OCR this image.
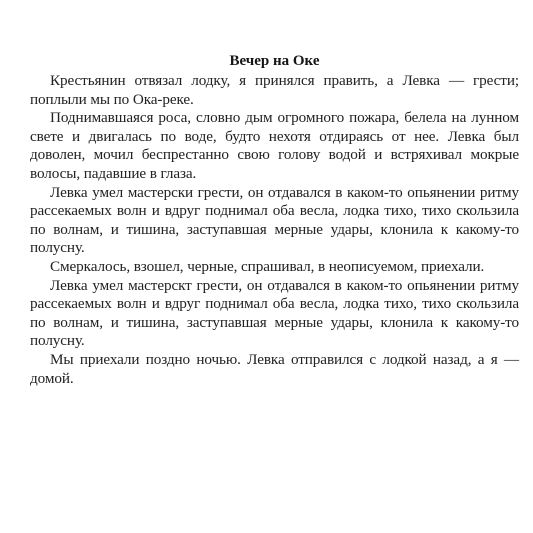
Вечер на Оке

Крестьянин отвязал лодку, я принялся править, а Левка — грести; поплыли мы по Ока-реке.

Поднимавшаяся роса, словно дым огромного пожара, белела на лунном свете и двигалась по воде, будто нехотя отдираясь от нее. Левка был доволен, мочил беспрестанно свою голову водой и встряхивал мокрые волосы, падавшие в глаза.

Левка умел мастерски грести, он отдавался в каком-то опьянении ритму рассекаемых волн и вдруг поднимал оба весла, лодка тихо, тихо скользила по волнам, и тишина, заступавшая мерные удары, клонила к какому-то полусну.

Смеркалось, взошел, черные, спрашивал, в неописуемом, приехали.

Левка умел мастерскт грести, он отдавался в каком-то опьянении ритму рассекаемых волн и вдруг поднимал оба весла, лодка тихо, тихо скользила по волнам, и тишина, заступавшая мерные удары, клонила к какому-то полусну.

Мы приехали поздно ночью. Левка отправился с лодкой назад, а я — домой.
